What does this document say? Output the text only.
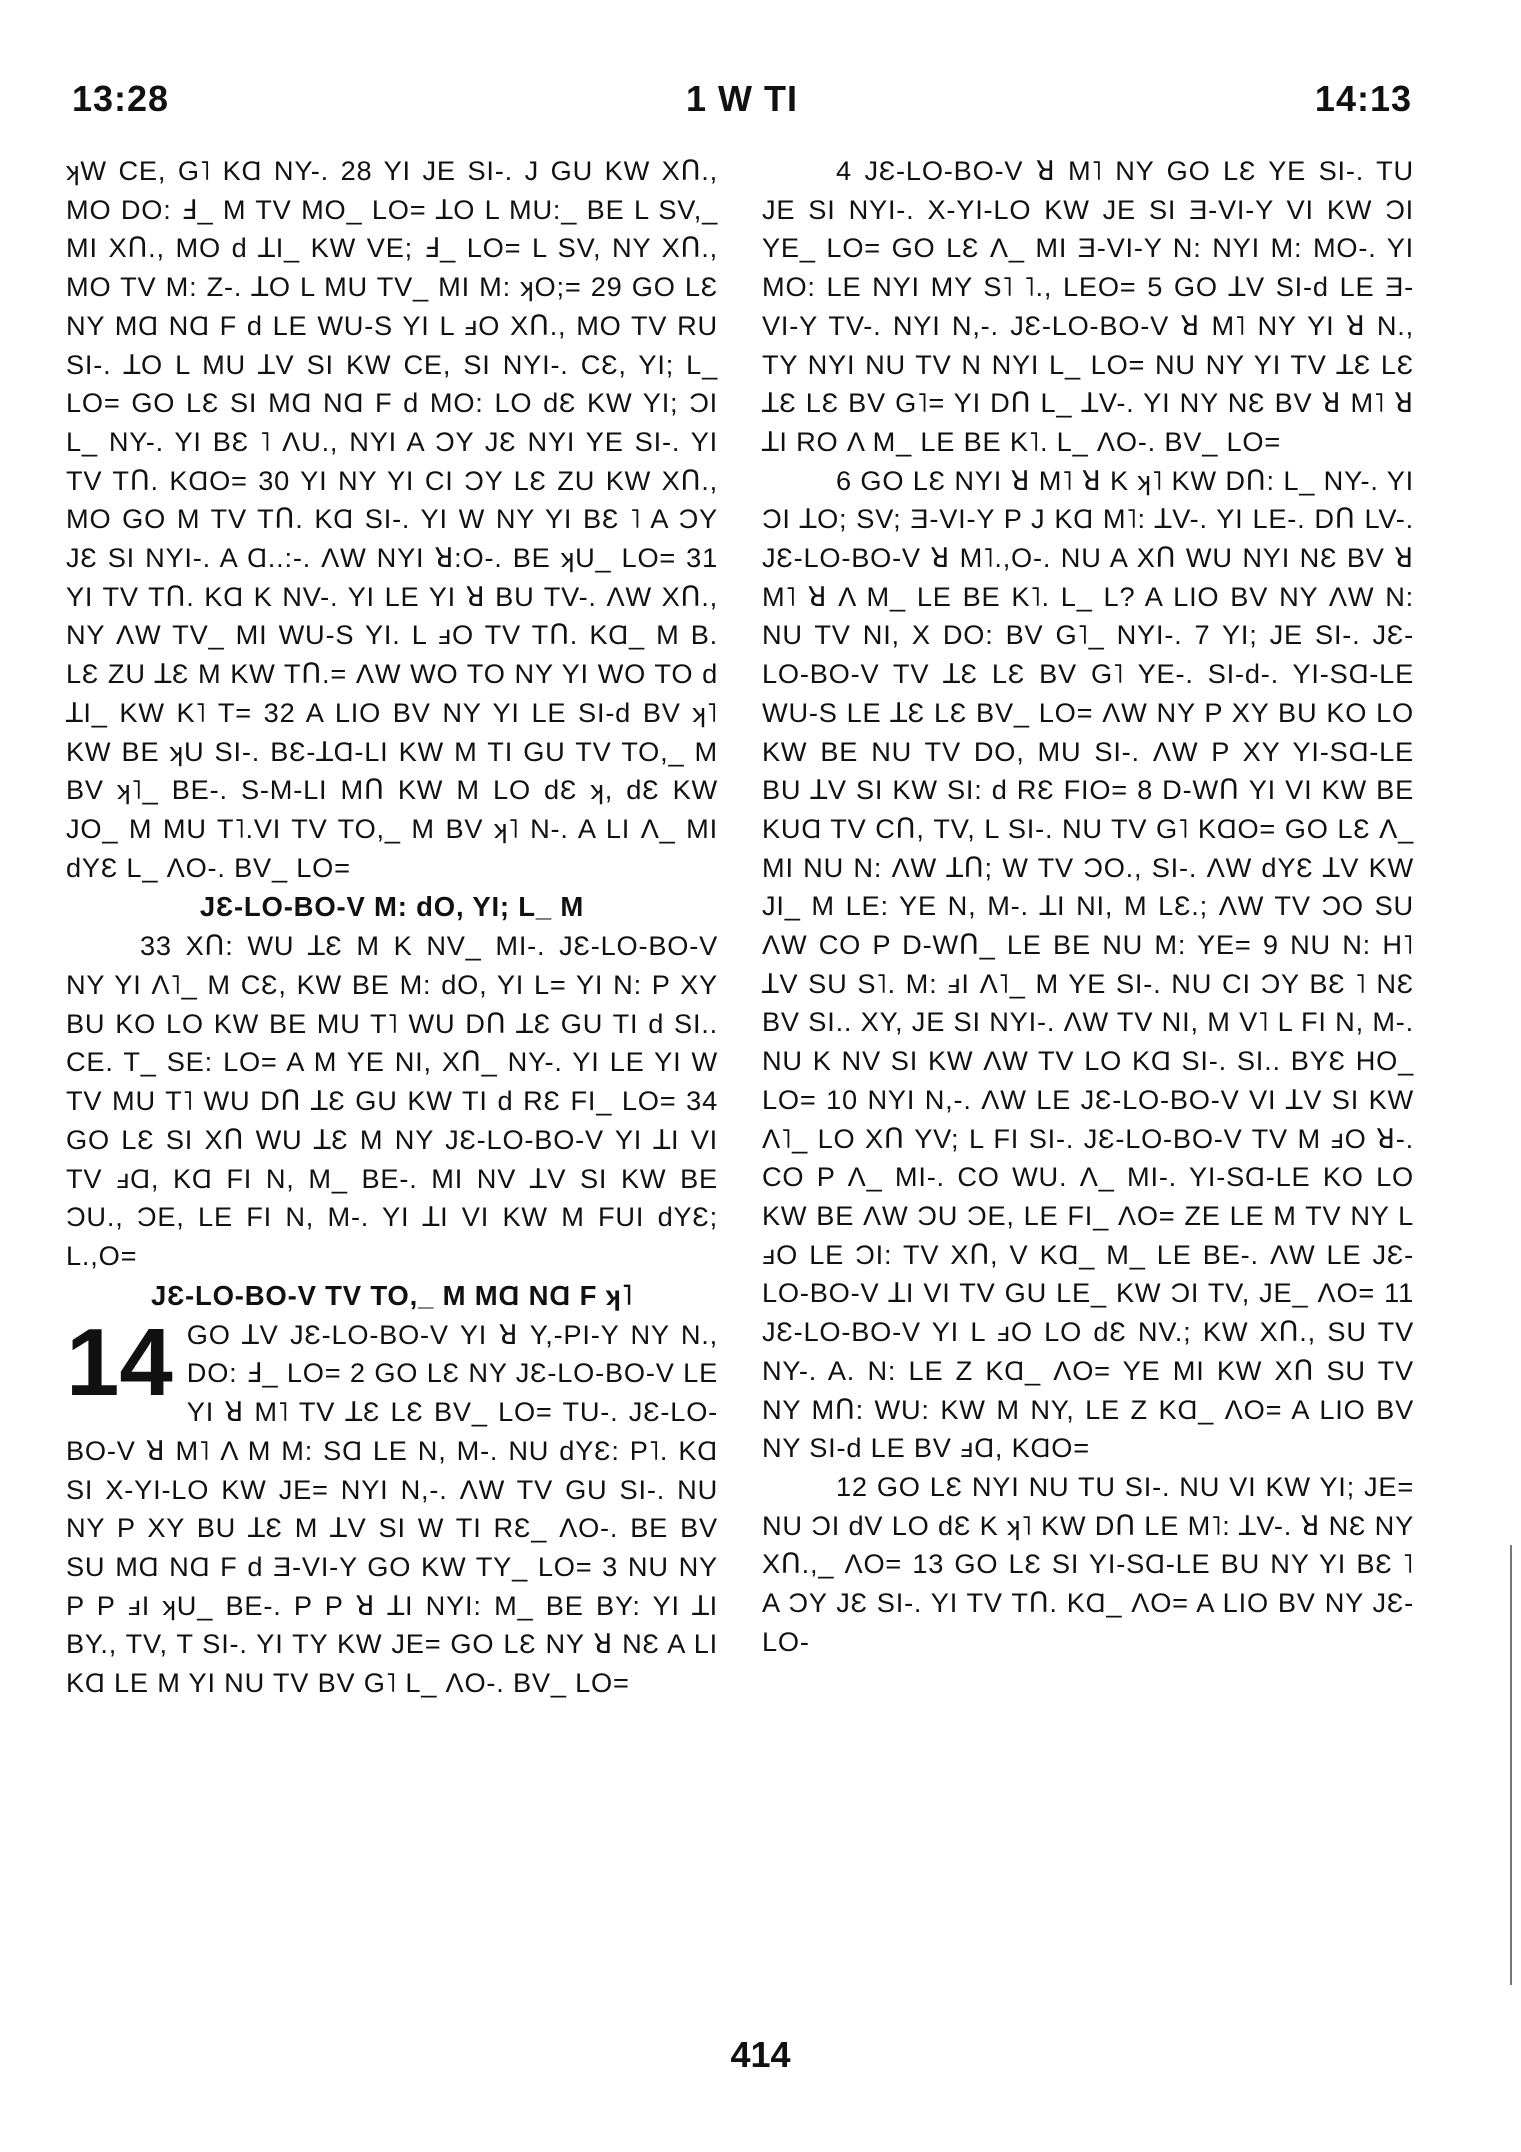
13:28	1 W TI	14:13

ʞW CE, G˥ KⱭ NY-. 28 YI JE SI-. J GU KW XՈ., MO DO: Ⅎ_ M TV MO_ LO= ꓕO L MU:_ BE L SV,_ MI XՈ., MO d ꓕI_ KW VE; Ⅎ_ LO= L SV, NY XՈ., MO TV M: Z-. ꓕO L MU TV_ MI M: ʞO;= 29 GO LƐ NY MⱭ NⱭ F d LE WU-S YI L ⅎO XՈ., MO TV RU SI-. ꓕO L MU ꓕV SI KW CE, SI NYI-. CƐ, YI; L_ LO= GO LƐ SI MⱭ NⱭ F d MO: LO dƐ KW YI; ƆI L_ NY-. YI BƐ ˥ ΛU., NYI A ƆY JƐ NYI YE SI-. YI TV TՈ. KⱭO= 30 YI NY YI CI ƆY LƐ ZU KW XՈ., MO GO M TV TՈ. KⱭ SI-. YI W NY YI BƐ ˥ A ƆY JƐ SI NYI-. A Ɑ..:-. ΛW NYI ꓤ:O-. BE ʞU_ LO= 31 YI TV TՈ. KⱭ K NV-. YI LE YI ꓤ BU TV-. ΛW XՈ., NY ΛW TV_ MI WU-S YI. L ⅎO TV TՈ. KⱭ_ M B. LƐ ZU ꓕƐ M KW TՈ.= ΛW WO TO NY YI WO TO d ꓕI_ KW K˥ T= 32 A LIO BV NY YI LE SI-d BV ʞ˥ KW BE ʞU SI-. BƐ-ꓕⱭ-LI KW M TI GU TV TO,_ M BV ʞ˥_ BE-. S-M-LI MՈ KW M LO dƐ ʞ, dƐ KW JO_ M MU T˥.VI TV TO,_ M BV ʞ˥ N-. A LI Λ_ MI dYƐ L_ ΛO-. BV_ LO=

JƐ-LO-BO-V M: dO, YI; L_ M

33 XՈ: WU ꓕƐ M K NV_ MI-. JƐ-LO-BO-V NY YI Λ˥_ M CƐ, KW BE M: dO, YI L= YI N: P XY BU KO LO KW BE MU T˥ WU DՈ ꓕƐ GU TI d SI.. CE. T_ SE: LO= A M YE NI, XՈ_ NY-. YI LE YI W TV MU T˥ WU DՈ ꓕƐ GU KW TI d RƐ FI_ LO= 34 GO LƐ SI XՈ WU ꓕƐ M NY JƐ-LO-BO-V YI ꓕI VI TV ⅎⱭ, KⱭ FI N, M_ BE-. MI NV ꓕV SI KW BE ƆU., ƆE, LE FI N, M-. YI ꓕI VI KW M FUI dYƐ; L.,O=

JƐ-LO-BO-V TV TO,_ M MⱭ NⱭ F ʞ˥

14 GO ꓕV JƐ-LO-BO-V YI ꓤ Y,-PI-Y NY N., DO: Ⅎ_ LO= 2 GO LƐ NY JƐ-LO-BO-V LE YI ꓤ M˥ TV ꓕƐ LƐ BV_ LO= TU-. JƐ-LO-BO-V ꓤ M˥ Λ M M: SⱭ LE N, M-. NU dYƐ: P˥. KⱭ SI X-YI-LO KW JE= NYI N,-. ΛW TV GU SI-. NU NY P XY BU ꓕƐ M ꓕV SI W TI RƐ_ ΛO-. BE BV SU MⱭ NⱭ F d Ǝ-VI-Y GO KW TY_ LO= 3 NU NY P P ⅎI ʞU_ BE-. P P ꓤ ꓕI NYI: M_ BE BY: YI ꓕI BY., TV, T SI-. YI TY KW JE= GO LƐ NY ꓤ NƐ A LI KⱭ LE M YI NU TV BV G˥ L_ ΛO-. BV_ LO=

4 JƐ-LO-BO-V ꓤ M˥ NY GO LƐ YE SI-. TU JE SI NYI-. X-YI-LO KW JE SI Ǝ-VI-Y VI KW ƆI YE_ LO= GO LƐ Λ_ MI Ǝ-VI-Y N: NYI M: MO-. YI MO: LE NYI MY S˥ ˥., LEO= 5 GO ꓕV SI-d LE Ǝ-VI-Y TV-. NYI N,-. JƐ-LO-BO-V ꓤ M˥ NY YI ꓤ N., TY NYI NU TV N NYI L_ LO= NU NY YI TV ꓕƐ LƐ ꓕƐ LƐ BV G˥= YI DՈ L_ ꓕV-. YI NY NƐ BV ꓤ M˥ ꓤ ꓕI RO Λ M_ LE BE K˥. L_ ΛO-. BV_ LO=

6 GO LƐ NYI ꓤ M˥ ꓤ K ʞ˥ KW DՈ: L_ NY-. YI ƆI ꓕO; SV; Ǝ-VI-Y P J KⱭ M˥: ꓕV-. YI LE-. DՈ LV-. JƐ-LO-BO-V ꓤ M˥.,O-. NU A XՈ WU NYI NƐ BV ꓤ M˥ ꓤ Λ M_ LE BE K˥. L_ L? A LIO BV NY ΛW N: NU TV NI, X DO: BV G˥_ NYI-. 7 YI; JE SI-. JƐ-LO-BO-V TV ꓕƐ LƐ BV G˥ YE-. SI-d-. YI-SⱭ-LE WU-S LE ꓕƐ LƐ BV_ LO= ΛW NY P XY BU KO LO KW BE NU TV DO, MU SI-. ΛW P XY YI-SⱭ-LE BU ꓕV SI KW SI: d RƐ FIO= 8 D-WՈ YI VI KW BE KUⱭ TV CՈ, TV, L SI-. NU TV G˥ KⱭO= GO LƐ Λ_ MI NU N: ΛW ꓕՈ; W TV ƆO., SI-. ΛW dYƐ ꓕV KW JI_ M LE: YE N, M-. ꓕI NI, M LƐ.; ΛW TV ƆO SU ΛW CO P D-WՈ_ LE BE NU M: YE= 9 NU N: H˥ ꓕV SU S˥. M: ⅎI Λ˥_ M YE SI-. NU CI ƆY BƐ ˥ NƐ BV SI.. XY, JE SI NYI-. ΛW TV NI, M V˥ L FI N, M-. NU K NV SI KW ΛW TV LO KⱭ SI-. SI.. BYƐ HO_ LO= 10 NYI N,-. ΛW LE JƐ-LO-BO-V VI ꓕV SI KW Λ˥_ LO XՈ YV; L FI SI-. JƐ-LO-BO-V TV M ⅎO ꓤ-. CO P Λ_ MI-. CO WU. Λ_ MI-. YI-SⱭ-LE KO LO KW BE ΛW ƆU ƆE, LE FI_ ΛO= ZE LE M TV NY L ⅎO LE ƆI: TV XՈ, V KⱭ_ M_ LE BE-. ΛW LE JƐ-LO-BO-V ꓕI VI TV GU LE_ KW ƆI TV, JE_ ΛO= 11 JƐ-LO-BO-V YI L ⅎO LO dƐ NV.; KW XՈ., SU TV NY-. A. N: LE Z KⱭ_ ΛO= YE MI KW XՈ SU TV NY MՈ: WU: KW M NY, LE Z KⱭ_ ΛO= A LIO BV NY SI-d LE BV ⅎⱭ, KⱭO=

12 GO LƐ NYI NU TU SI-. NU VI KW YI; JE= NU ƆI dV LO dƐ K ʞ˥ KW DՈ LE M˥: ꓕV-. ꓤ NƐ NY XՈ.,_ ΛO= 13 GO LƐ SI YI-SⱭ-LE BU NY YI BƐ ˥ A ƆY JƐ SI-. YI TV TՈ. KⱭ_ ΛO= A LIO BV NY JƐ-LO-

414
